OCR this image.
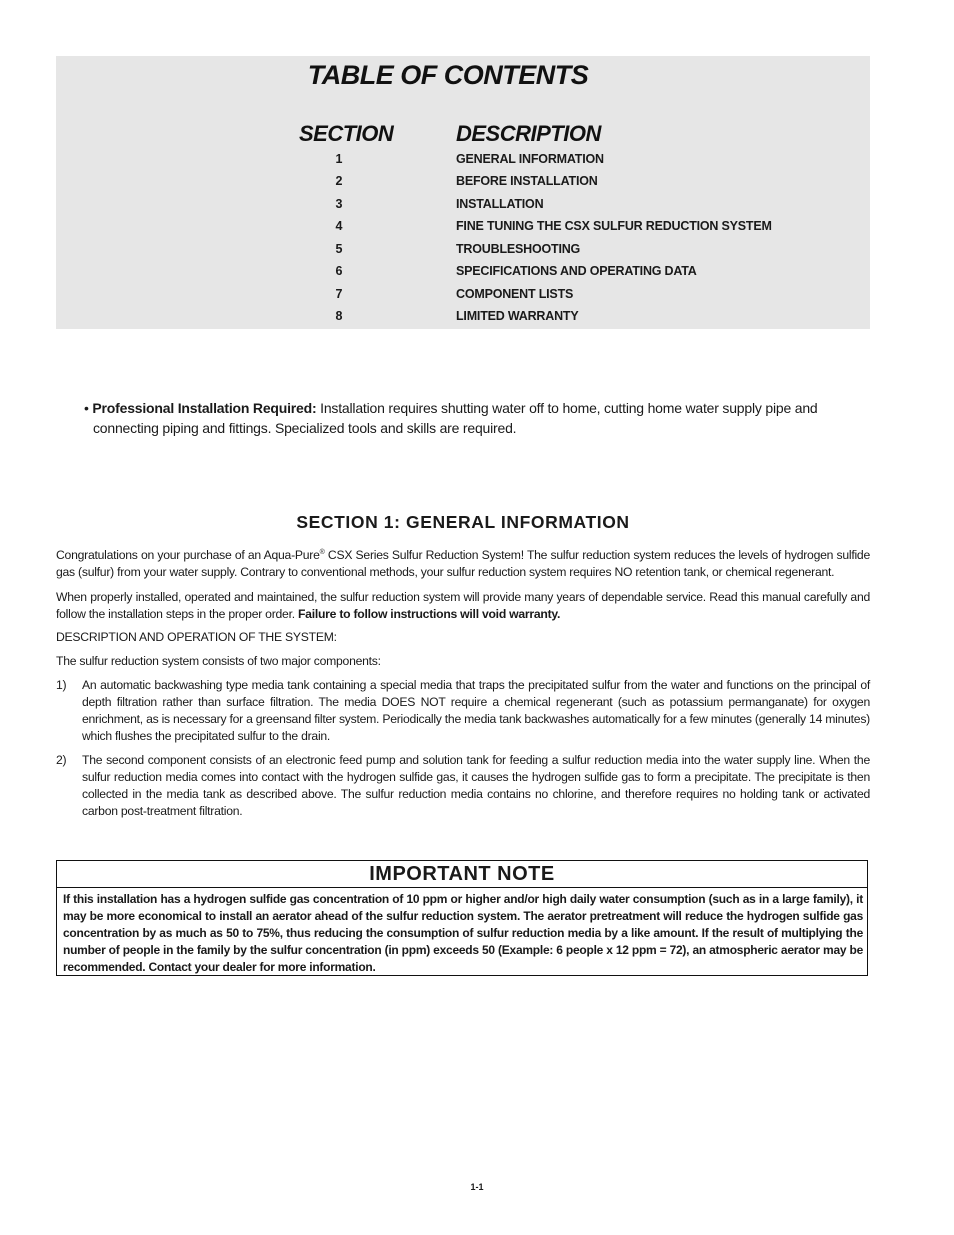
TABLE OF CONTENTS
SECTION	DESCRIPTION
1	GENERAL INFORMATION
2	BEFORE INSTALLATION
3	INSTALLATION
4	FINE TUNING THE CSX SULFUR REDUCTION SYSTEM
5	TROUBLESHOOTING
6	SPECIFICATIONS AND OPERATING DATA
7	COMPONENT LISTS
8	LIMITED WARRANTY
• Professional Installation Required: Installation requires shutting water off to home, cutting home water supply pipe and
connecting piping and fittings. Specialized tools and skills are required.
SECTION 1: GENERAL INFORMATION
Congratulations on your purchase of an Aqua-Pure® CSX Series Sulfur Reduction System! The sulfur reduction system reduces the levels of hydrogen sulfide gas (sulfur) from your water supply. Contrary to conventional methods, your sulfur reduction system requires NO retention tank, or chemical regenerant.
When properly installed, operated and maintained, the sulfur reduction system will provide many years of dependable service. Read this manual carefully and follow the installation steps in the proper order. Failure to follow instructions will void warranty.
DESCRIPTION AND OPERATION OF THE SYSTEM:
The sulfur reduction system consists of two major components:
1) An automatic backwashing type media tank containing a special media that traps the precipitated sulfur from the water and functions on the principal of depth filtration rather than surface filtration. The media DOES NOT require a chemical regenerant (such as potassium permanganate) for oxygen enrichment, as is necessary for a greensand filter system. Periodically the media tank backwashes automatically for a few minutes (generally 14 minutes) which flushes the precipitated sulfur to the drain.
2) The second component consists of an electronic feed pump and solution tank for feeding a sulfur reduction media into the water supply line. When the sulfur reduction media comes into contact with the hydrogen sulfide gas, it causes the hydrogen sulfide gas to form a precipitate. The precipitate is then collected in the media tank as described above. The sulfur reduction media contains no chlorine, and therefore requires no holding tank or activated carbon post-treatment filtration.
IMPORTANT NOTE
If this installation has a hydrogen sulfide gas concentration of 10 ppm or higher and/or high daily water consumption (such as in a large family), it may be more economical to install an aerator ahead of the sulfur reduction system. The aerator pretreatment will reduce the hydrogen sulfide gas concentration by as much as 50 to 75%, thus reducing the consumption of sulfur reduction media by a like amount. If the result of multiplying the number of people in the family by the sulfur concentration (in ppm) exceeds 50 (Example: 6 people x 12 ppm = 72), an atmospheric aerator may be recommended. Contact your dealer for more information.
1-1
